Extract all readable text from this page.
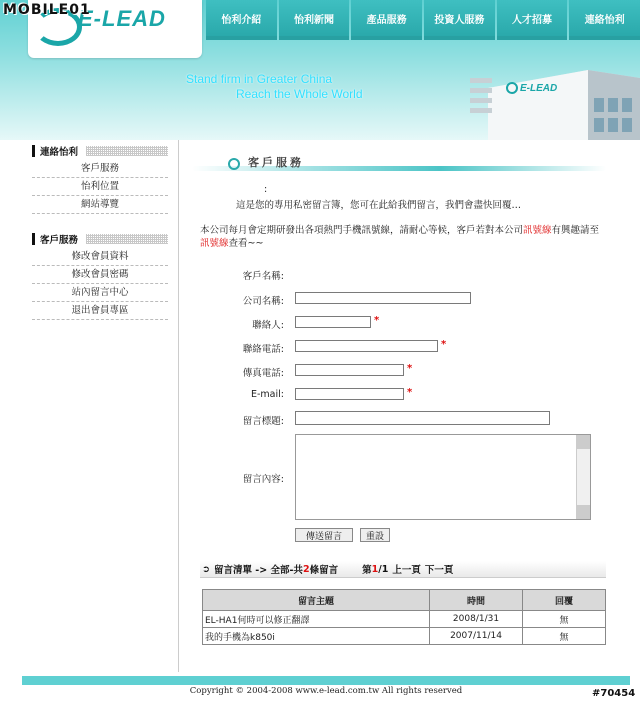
E-LEAD
MOBILE01
怡利介紹	怡利新聞	產品服務	投資人服務	人才招募	連絡怡利
Stand firm in Greater China
Reach the Whole World	E-LEAD
連絡怡利
客戶服務
怡利位置
網站導覽
客戶服務
修改會員資料
修改會員密碼
站內留言中心
退出會員專區
客戶服務
:
這是您的專用私密留言簿，您可在此給我們留言，我們會盡快回覆…
本公司每月會定期研發出各項熱門手機訊號線，請耐心等候，客戶若對本公司訊號線有興趣請至
訊號線查看~~
客戶名稱:
公司名稱:
聯絡人:	*
聯絡電話:	*
傳真電話:	*
E-mail:	*
留言標題:
留言內容:
傳送留言	重設
➲ 留言清單 -> 全部-共 2 條留言	第 1 /1 上一頁 下一頁
留言主題	時間	回覆
EL-HA1何時可以修正翻譯	2008/1/31	無
我的手機為k850i	2007/11/14	無
Copyright © 2004-2008 www.e-lead.com.tw All rights reserved	#70454
